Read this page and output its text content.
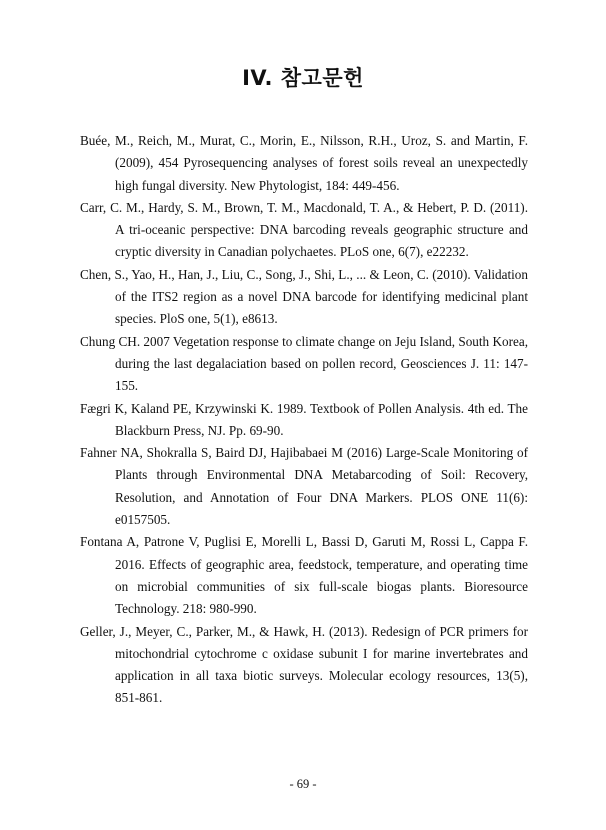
IV. 참고문헌
Buée, M., Reich, M., Murat, C., Morin, E., Nilsson, R.H., Uroz, S. and Martin, F. (2009), 454 Pyrosequencing analyses of forest soils reveal an unexpectedly high fungal diversity. New Phytologist, 184: 449-456.
Carr, C. M., Hardy, S. M., Brown, T. M., Macdonald, T. A., & Hebert, P. D. (2011). A tri-oceanic perspective: DNA barcoding reveals geographic structure and cryptic diversity in Canadian polychaetes. PLoS one, 6(7), e22232.
Chen, S., Yao, H., Han, J., Liu, C., Song, J., Shi, L., ... & Leon, C. (2010). Validation of the ITS2 region as a novel DNA barcode for identifying medicinal plant species. PloS one, 5(1), e8613.
Chung CH. 2007 Vegetation response to climate change on Jeju Island, South Korea, during the last degalaciation based on pollen record, Geosciences J. 11: 147-155.
Fægri K, Kaland PE, Krzywinski K. 1989. Textbook of Pollen Analysis. 4th ed. The Blackburn Press, NJ. Pp. 69-90.
Fahner NA, Shokralla S, Baird DJ, Hajibabaei M (2016) Large-Scale Monitoring of Plants through Environmental DNA Metabarcoding of Soil: Recovery, Resolution, and Annotation of Four DNA Markers. PLOS ONE 11(6): e0157505.
Fontana A, Patrone V, Puglisi E, Morelli L, Bassi D, Garuti M, Rossi L, Cappa F. 2016. Effects of geographic area, feedstock, temperature, and operating time on microbial communities of six full-scale biogas plants. Bioresource Technology. 218: 980-990.
Geller, J., Meyer, C., Parker, M., & Hawk, H. (2013). Redesign of PCR primers for mitochondrial cytochrome c oxidase subunit I for marine invertebrates and application in all taxa biotic surveys. Molecular ecology resources, 13(5), 851-861.
- 69 -
